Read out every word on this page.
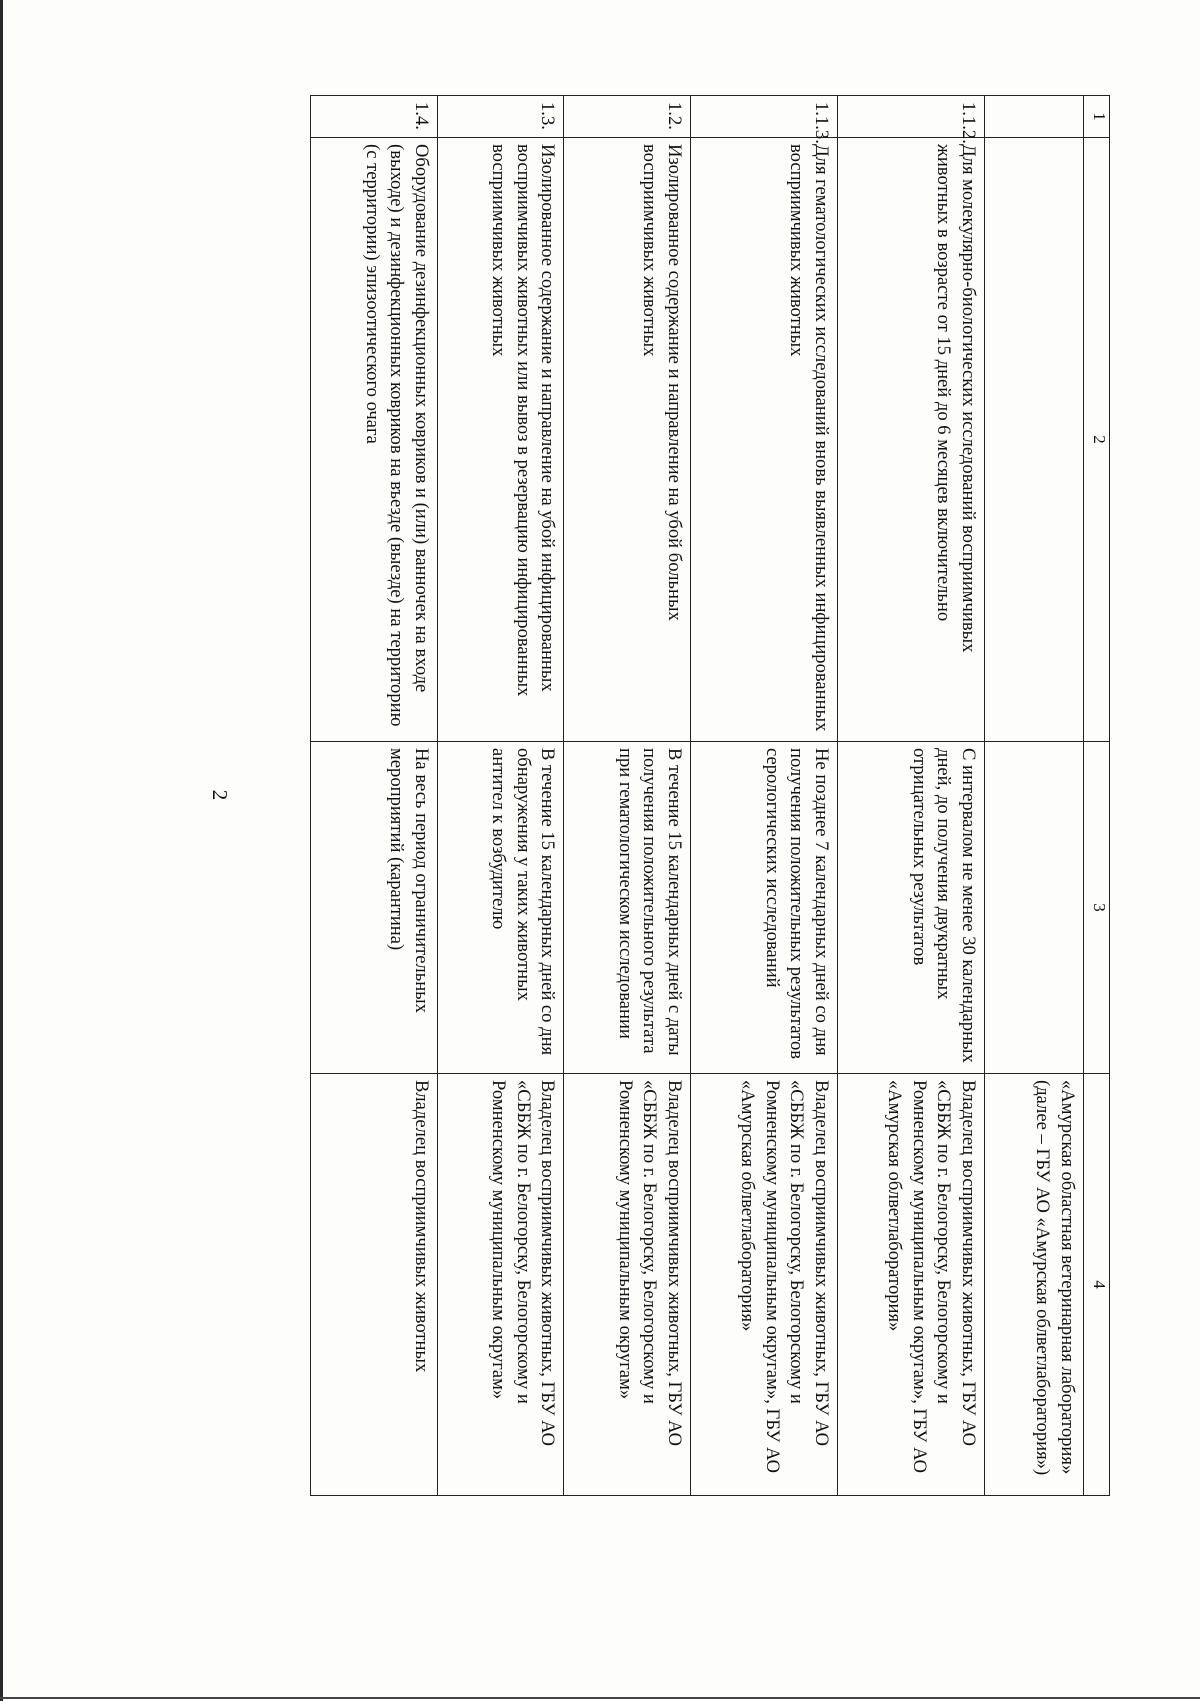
1	2	3	4
			«Амурская областная ветеринарная лаборатория» (далее – ГБУ АО «Амурская облветлаборатория»)
1.1.2.	Для молекулярно-биологических исследований восприимчивых животных в возрасте от 15 дней до 6 месяцев включительно	С интервалом не менее 30 календарных дней, до получения двукратных отрицательных результатов	Владелец восприимчивых животных, ГБУ АО «СББЖ по г. Белогорску, Белогорскому и Ромненскому муниципальным округам», ГБУ АО «Амурская облветлаборатория»
1.1.3.	Для гематологических исследований вновь выявленных инфицированных восприимчивых животных	Не позднее 7 календарных дней со дня получения положительных результатов серологических исследований	Владелец восприимчивых животных, ГБУ АО «СББЖ по г. Белогорску, Белогорскому и Ромненскому муниципальным округам», ГБУ АО «Амурская облветлаборатория»
1.2.	Изолированное содержание и направление на убой больных восприимчивых животных	В течение 15 календарных дней с даты получения положительного результата при гематологическом исследовании	Владелец восприимчивых животных, ГБУ АО «СББЖ по г. Белогорску, Белогорскому и Ромненскому муниципальным округам»
1.3.	Изолированное содержание и направление на убой инфицированных восприимчивых животных или вывоз в резервацию инфицированных восприимчивых животных	В течение 15 календарных дней со дня обнаружения у таких животных антител к возбудителю	Владелец восприимчивых животных, ГБУ АО «СББЖ по г. Белогорску, Белогорскому и Ромненскому муниципальным округам»
1.4.	Оборудование дезинфекционных ковриков и (или) ванночек на входе (выходе) и дезинфекционных ковриков на въезде (выезде) на территорию (с территории) эпизоотического очага	На весь период ограничительных мероприятий (карантина)	Владелец восприимчивых животных
2
